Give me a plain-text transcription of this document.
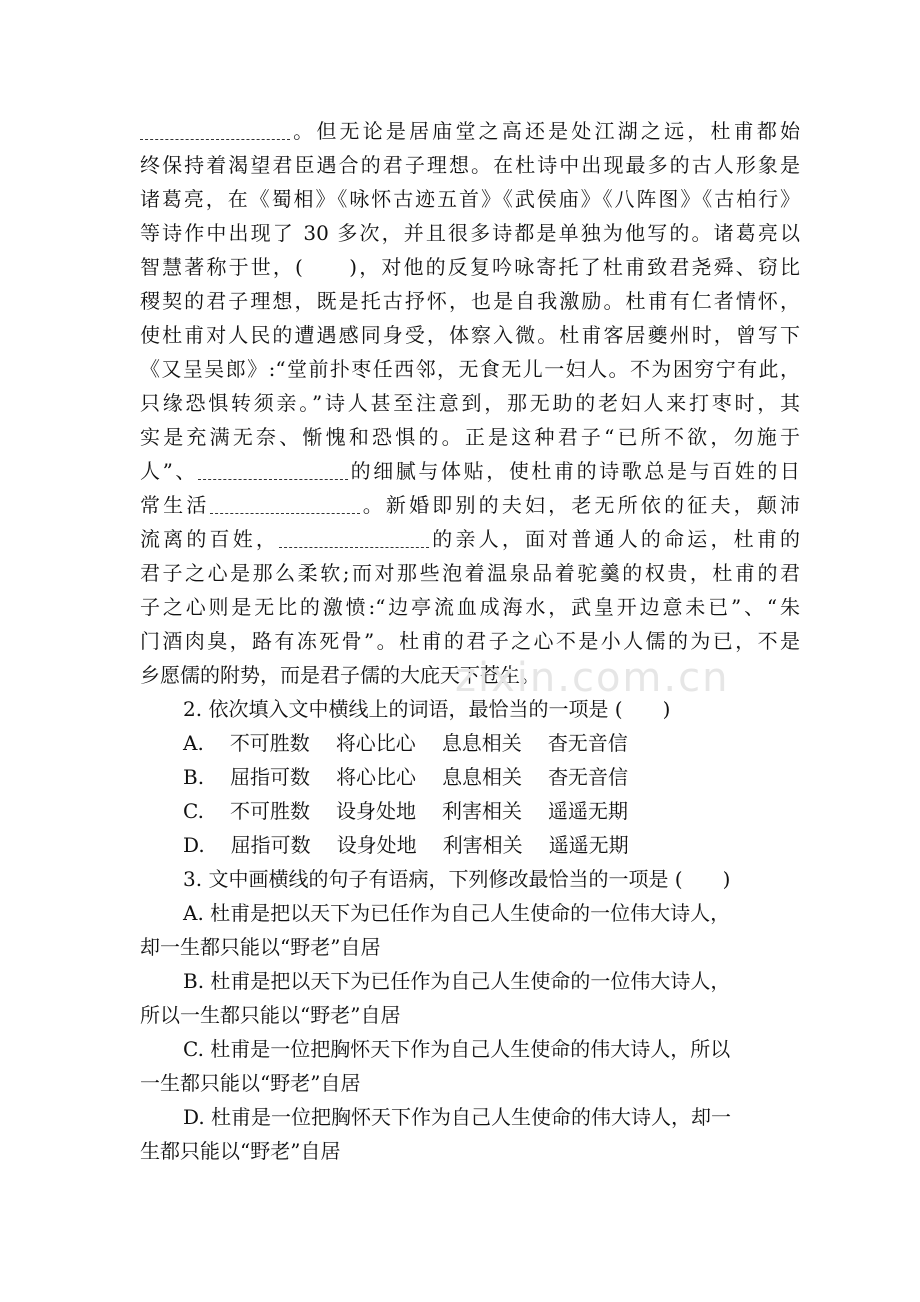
。但无论是居庙堂之高还是处江湖之远，杜甫都始
终保持着渴望君臣遇合的君子理想。在杜诗中出现最多的古人形象是
诸葛亮，在《蜀相》《咏怀古迹五首》《武侯庙》《八阵图》《古柏行》
等诗作中出现了 30 多次，并且很多诗都是单独为他写的。诸葛亮以
智慧著称于世，(　　)，对他的反复吟咏寄托了杜甫致君尧舜、窃比
稷契的君子理想，既是托古抒怀，也是自我激励。杜甫有仁者情怀，
使杜甫对人民的遭遇感同身受，体察入微。杜甫客居夔州时，曾写下
《又呈吴郎》:“堂前扑枣任西邻，无食无儿一妇人。不为困穷宁有此，
只缘恐惧转须亲。”诗人甚至注意到，那无助的老妇人来打枣时，其
实是充满无奈、惭愧和恐惧的。正是这种君子“已所不欲，勿施于
人”、	的细腻与体贴，使杜甫的诗歌总是与百姓的日
常生活	。新婚即别的夫妇，老无所依的征夫，颠沛
流离的百姓，	的亲人，面对普通人的命运，杜甫的
君子之心是那么柔软;而对那些泡着温泉品着驼羹的权贵，杜甫的君
子之心则是无比的激愤:“边亭流血成海水，武皇开边意未已”、“朱
门酒肉臭，路有冻死骨”。杜甫的君子之心不是小人儒的为已，不是
乡愿儒的附势，而是君子儒的大庇天下苍生。
2. 依次填入文中横线上的词语，最恰当的一项是 (　　)
A. 不可胜数 将心比心 息息相关 杳无音信
B. 屈指可数 将心比心 息息相关 杳无音信
C. 不可胜数 设身处地 利害相关 遥遥无期
D. 屈指可数 设身处地 利害相关 遥遥无期
3. 文中画横线的句子有语病，下列修改最恰当的一项是 (　　)
A. 杜甫是把以天下为已任作为自己人生使命的一位伟大诗人，
却一生都只能以“野老”自居
B. 杜甫是把以天下为已任作为自己人生使命的一位伟大诗人，
所以一生都只能以“野老”自居
C. 杜甫是一位把胸怀天下作为自己人生使命的伟大诗人，所以
一生都只能以“野老”自居
D. 杜甫是一位把胸怀天下作为自己人生使命的伟大诗人，却一
生都只能以“野老”自居
zixin.com.cn
